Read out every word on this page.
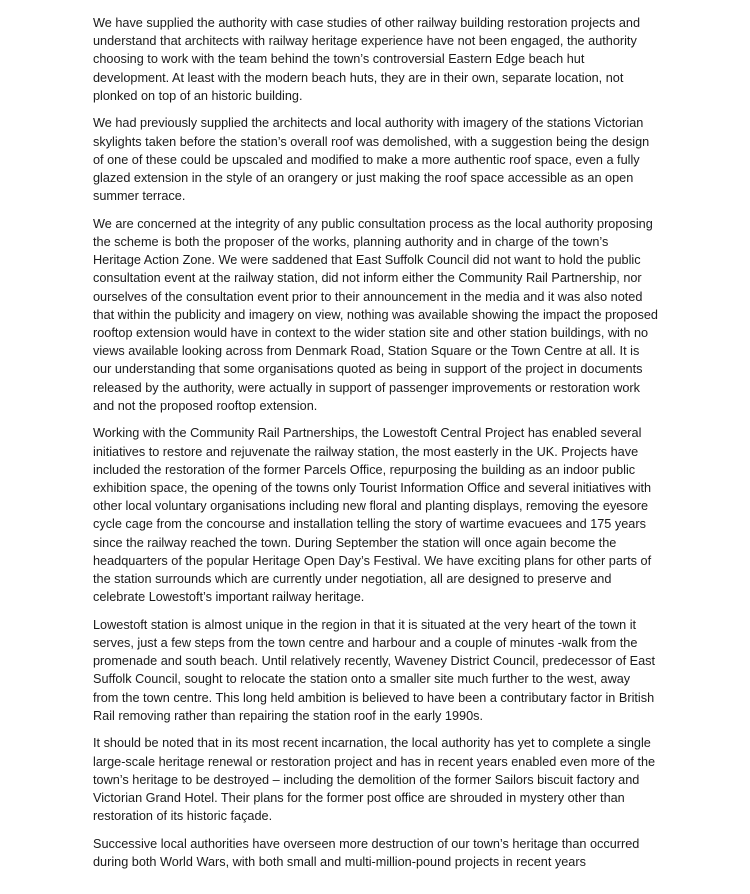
We have supplied the authority with case studies of other railway building restoration projects and understand that architects with railway heritage experience have not been engaged, the authority choosing to work with the team behind the town’s controversial Eastern Edge beach hut development. At least with the modern beach huts, they are in their own, separate location, not plonked on top of an historic building.

We had previously supplied the architects and local authority with imagery of the stations Victorian skylights taken before the station’s overall roof was demolished, with a suggestion being the design of one of these could be upscaled and modified to make a more authentic roof space, even a fully glazed extension in the style of an orangery or just making the roof space accessible as an open summer terrace.

We are concerned at the integrity of any public consultation process as the local authority proposing the scheme is both the proposer of the works, planning authority and in charge of the town’s Heritage Action Zone. We were saddened that East Suffolk Council did not want to hold the public consultation event at the railway station, did not inform either the Community Rail Partnership, nor ourselves of the consultation event prior to their announcement in the media and it was also noted that within the publicity and imagery on view, nothing was available showing the impact the proposed rooftop extension would have in context to the wider station site and other station buildings, with no views available looking across from Denmark Road, Station Square or the Town Centre at all. It is our understanding that some organisations quoted as being in support of the project in documents released by the authority, were actually in support of passenger improvements or restoration work and not the proposed rooftop extension.

Working with the Community Rail Partnerships, the Lowestoft Central Project has enabled several initiatives to restore and rejuvenate the railway station, the most easterly in the UK. Projects have included the restoration of the former Parcels Office, repurposing the building as an indoor public exhibition space, the opening of the towns only Tourist Information Office and several initiatives with other local voluntary organisations including new floral and planting displays, removing the eyesore cycle cage from the concourse and installation telling the story of wartime evacuees and 175 years since the railway reached the town. During September the station will once again become the headquarters of the popular Heritage Open Day’s Festival. We have exciting plans for other parts of the station surrounds which are currently under negotiation, all are designed to preserve and celebrate Lowestoft’s important railway heritage.

Lowestoft station is almost unique in the region in that it is situated at the very heart of the town it serves, just a few steps from the town centre and harbour and a couple of minutes -walk from the promenade and south beach. Until relatively recently, Waveney District Council, predecessor of East Suffolk Council, sought to relocate the station onto a smaller site much further to the west, away from the town centre. This long held ambition is believed to have been a contributary factor in British Rail removing rather than repairing the station roof in the early 1990s.

It should be noted that in its most recent incarnation, the local authority has yet to complete a single large-scale heritage renewal or restoration project and has in recent years enabled even more of the town’s heritage to be destroyed – including the demolition of the former Sailors biscuit factory and Victorian Grand Hotel. Their plans for the former post office are shrouded in mystery other than restoration of its historic façade.

Successive local authorities have overseen more destruction of our town’s heritage than occurred during both World Wars, with both small and multi-million-pound projects in recent years
